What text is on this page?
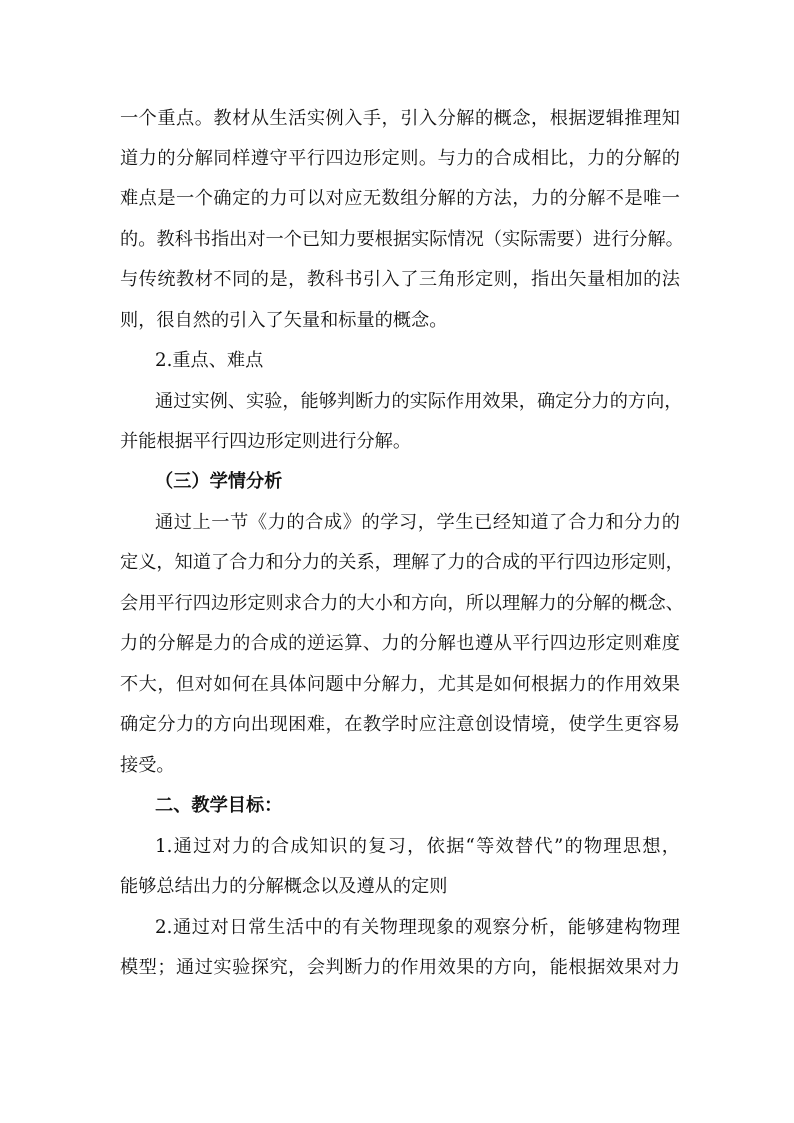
一个重点。教材从生活实例入手，引入分解的概念，根据逻辑推理知
道力的分解同样遵守平行四边形定则。与力的合成相比，力的分解的
难点是一个确定的力可以对应无数组分解的方法，力的分解不是唯一
的。教科书指出对一个已知力要根据实际情况（实际需要）进行分解。
与传统教材不同的是，教科书引入了三角形定则，指出矢量相加的法
则，很自然的引入了矢量和标量的概念。
2.重点、难点
通过实例、实验，能够判断力的实际作用效果，确定分力的方向，
并能根据平行四边形定则进行分解。
（三）学情分析
通过上一节《力的合成》的学习，学生已经知道了合力和分力的
定义，知道了合力和分力的关系，理解了力的合成的平行四边形定则，
会用平行四边形定则求合力的大小和方向，所以理解力的分解的概念、
力的分解是力的合成的逆运算、力的分解也遵从平行四边形定则难度
不大，但对如何在具体问题中分解力，尤其是如何根据力的作用效果
确定分力的方向出现困难，在教学时应注意创设情境，使学生更容易
接受。
二、教学目标：
1.通过对力的合成知识的复习，依据“等效替代”的物理思想，
能够总结出力的分解概念以及遵从的定则
2.通过对日常生活中的有关物理现象的观察分析，能够建构物理
模型；通过实验探究，会判断力的作用效果的方向，能根据效果对力
